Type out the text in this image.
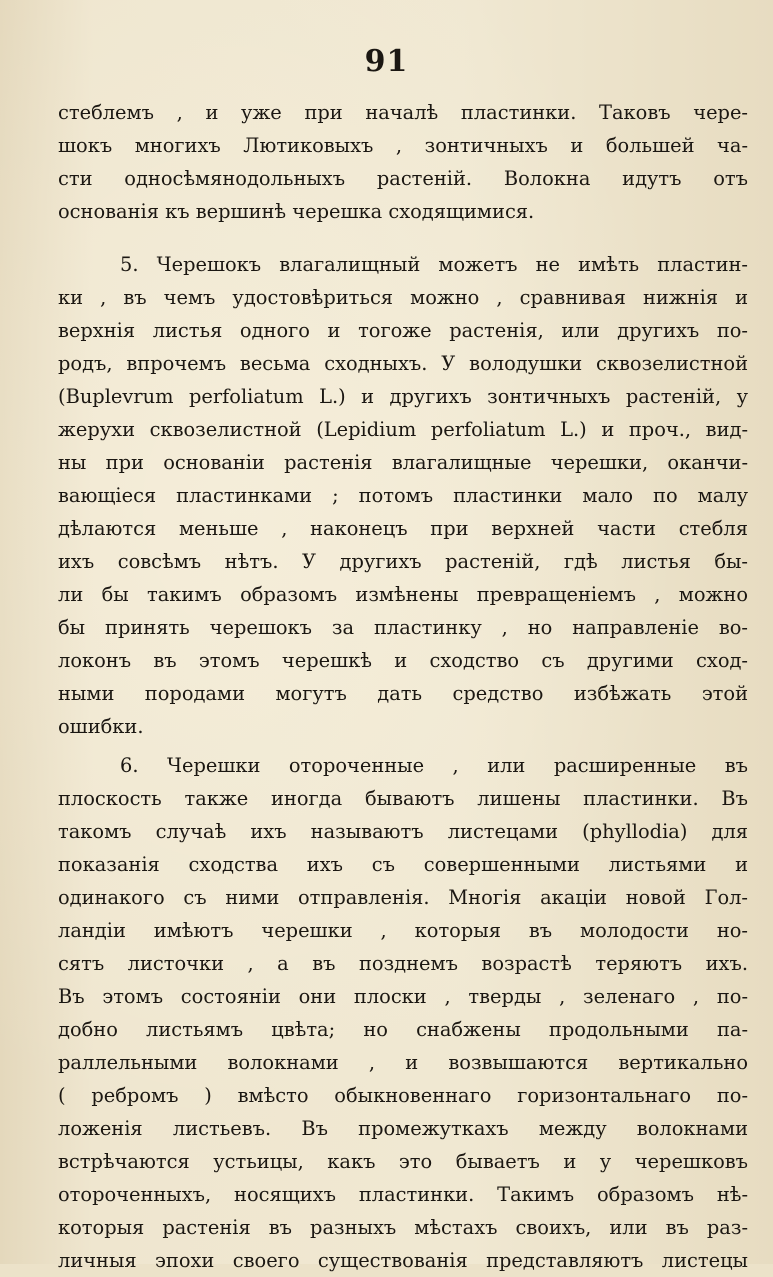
91
стеблемъ , и уже при началѣ пластинки. Таковъ чере-
шокъ многихъ Лютиковыхъ , зонтичныхъ и большей ча-
сти односѣмянодольныхъ растеній. Волокна идутъ отъ
основанія къ вершинѣ черешка сходящимися.
5. Черешокъ влагалищный можетъ не имѣть пластин-
ки , въ чемъ удостовѣриться можно , сравнивая нижнія и
верхнія листья одного и тогоже растенія, или другихъ по-
родъ, впрочемъ весьма сходныхъ. У володушки сквозелистной
(Buplevrum perfoliatum L.) и другихъ зонтичныхъ растеній, у
жерухи сквозелистной (Lepidium perfoliatum L.) и проч., вид-
ны при основаніи растенія влагалищные черешки, оканчи-
вающіеся пластинками ; потомъ пластинки мало по малу
дѣлаются меньше , наконецъ при верхней части стебля
ихъ совсѣмъ нѣтъ. У другихъ растеній, гдѣ листья бы-
ли бы такимъ образомъ измѣнены превращеніемъ , можно
бы принять черешокъ за пластинку , но направленіе во-
локонъ въ этомъ черешкѣ и сходство съ другими сход-
ными породами могутъ дать средство избѣжать этой
ошибки.
6. Черешки отороченные , или расширенные въ
плоскость также иногда бываютъ лишены пластинки. Въ
такомъ случаѣ ихъ называютъ листецами (phyllodia) для
показанія сходства ихъ съ совершенными листьями и
одинакого съ ними отправленія. Многія акаціи новой Гол-
ландіи имѣютъ черешки , которыя въ молодости но-
сятъ листочки , а въ позднемъ возрастѣ теряютъ ихъ.
Въ этомъ состояніи они плоски , тверды , зеленаго , по-
добно листьямъ цвѣта; но снабжены продольными па-
раллельными волокнами , и возвышаются вертикально
( ребромъ ) вмѣсто обыкновеннаго горизонтальнаго по-
ложенія листьевъ. Въ промежуткахъ между волокнами
встрѣчаются устьицы, какъ это бываетъ и у черешковъ
отороченныхъ, носящихъ пластинки. Такимъ образомъ нѣ-
которыя растенія въ разныхъ мѣстахъ своихъ, или въ раз-
личныя эпохи своего существованія представляютъ листецы
